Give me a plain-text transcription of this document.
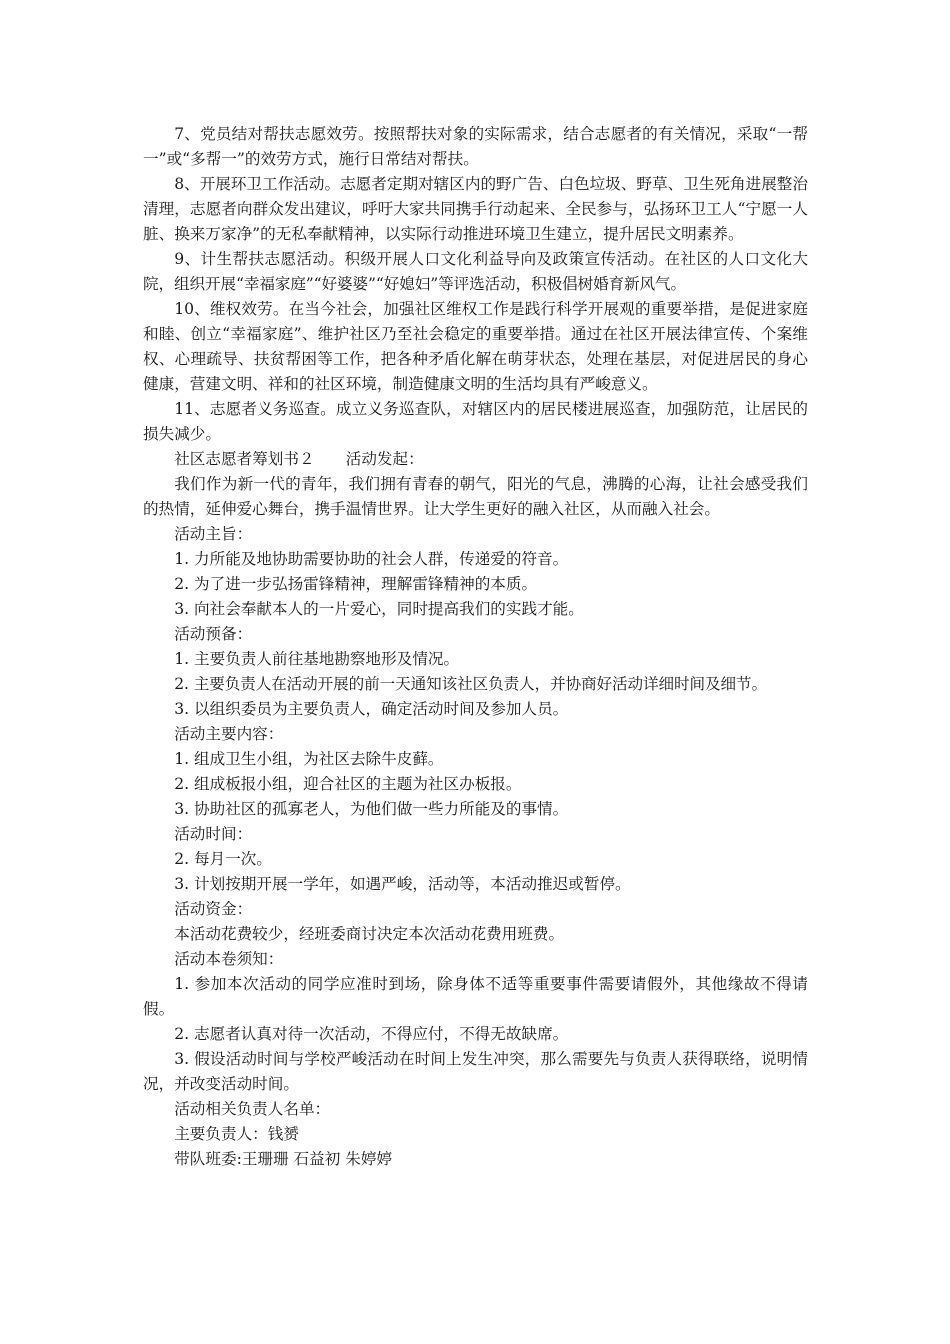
7、党员结对帮扶志愿效劳。按照帮扶对象的实际需求，结合志愿者的有关情况，采取“一帮一”或“多帮一”的效劳方式，施行日常结对帮扶。

8、开展环卫工作活动。志愿者定期对辖区内的野广告、白色垃圾、野草、卫生死角进展整治清理，志愿者向群众发出建议，呼吁大家共同携手行动起来、全民参与，弘扬环卫工人“宁愿一人脏、换来万家净”的无私奉献精神，以实际行动推进环境卫生建立，提升居民文明素养。

9、计生帮扶志愿活动。积级开展人口文化利益导向及政策宣传活动。在社区的人口文化大院，组织开展“幸福家庭”“好婆婆”“好媳妇”等评选活动，积极倡树婚育新风气。

10、维权效劳。在当今社会，加强社区维权工作是践行科学开展观的重要举措，是促进家庭和睦、创立“幸福家庭”、维护社区乃至社会稳定的重要举措。通过在社区开展法律宣传、个案维权、心理疏导、扶贫帮困等工作，把各种矛盾化解在萌芽状态，处理在基层，对促进居民的身心健康，营建文明、祥和的社区环境，制造健康文明的生活均具有严峻意义。

11、志愿者义务巡查。成立义务巡查队，对辖区内的居民楼进展巡查，加强防范，让居民的损失减少。

社区志愿者筹划书２　　活动发起：

我们作为新一代的青年，我们拥有青春的朝气，阳光的气息，沸腾的心海，让社会感受我们的热情，延伸爱心舞台，携手温情世界。让大学生更好的融入社区，从而融入社会。

活动主旨：

1. 力所能及地协助需要协助的社会人群，传递爱的符音。

2. 为了进一步弘扬雷锋精神，理解雷锋精神的本质。

3. 向社会奉献本人的一片爱心，同时提高我们的实践才能。

活动预备：

1. 主要负责人前往基地勘察地形及情况。

2. 主要负责人在活动开展的前一天通知该社区负责人，并协商好活动详细时间及细节。

3. 以组织委员为主要负责人，确定活动时间及参加人员。

活动主要内容：

1. 组成卫生小组，为社区去除牛皮藓。

2. 组成板报小组，迎合社区的主题为社区办板报。

3. 协助社区的孤寡老人，为他们做一些力所能及的事情。

活动时间：

2. 每月一次。

3. 计划按期开展一学年，如遇严峻，活动等，本活动推迟或暂停。

活动资金：

本活动花费较少，经班委商讨决定本次活动花费用班费。

活动本卷须知：

1. 参加本次活动的同学应准时到场，除身体不适等重要事件需要请假外，其他缘故不得请假。

2. 志愿者认真对待一次活动，不得应付，不得无故缺席。

3. 假设活动时间与学校严峻活动在时间上发生冲突，那么需要先与负责人获得联络，说明情况，并改变活动时间。

活动相关负责人名单：

主要负责人：钱赟

带队班委:王珊珊 石益初 朱婷婷
